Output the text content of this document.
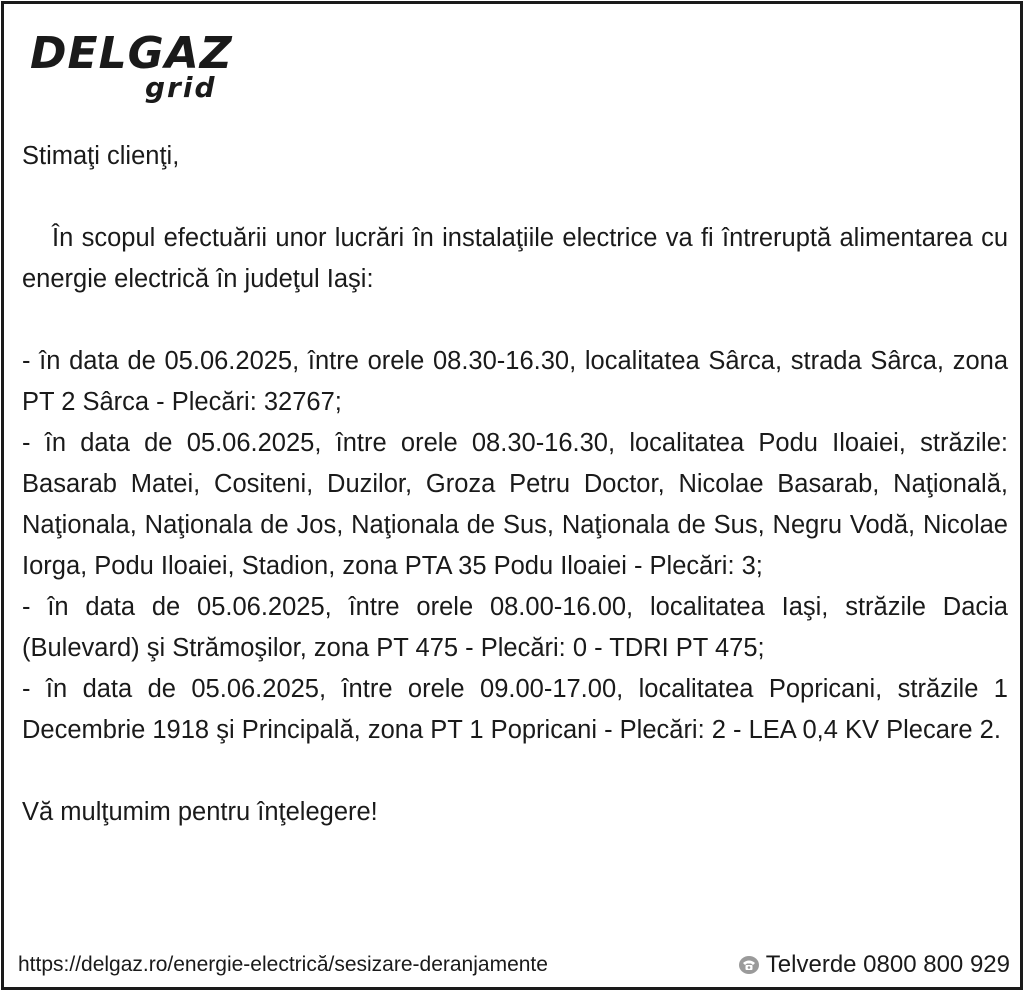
DELGAZ
grid

Stimaţi clienţi,

În scopul efectuării unor lucrări în instalaţiile electrice va fi întreruptă alimentarea cu energie electrică în judeţul Iaşi:

- în data de 05.06.2025, între orele 08.30-16.30, localitatea Sârca, strada Sârca, zona PT 2 Sârca - Plecări: 32767;

- în data de 05.06.2025, între orele 08.30-16.30, localitatea Podu Iloaiei, străzile: Basarab Matei, Cositeni, Duzilor, Groza Petru Doctor, Nicolae Basarab, Naţională, Naţionala, Naţionala de Jos, Naţionala de Sus, Naţionala de Sus, Negru Vodă, Nicolae Iorga, Podu Iloaiei, Stadion, zona PTA 35 Podu Iloaiei - Plecări: 3;

- în data de 05.06.2025, între orele 08.00-16.00, localitatea Iaşi, străzile Dacia (Bulevard) şi Strămoşilor, zona PT 475 - Plecări: 0 - TDRI PT 475;

- în data de 05.06.2025, între orele 09.00-17.00, localitatea Popricani, străzile 1 Decembrie 1918 şi Principală, zona PT 1 Popricani - Plecări: 2 - LEA 0,4 KV Plecare 2.

Vă mulţumim pentru înţelegere!

https://delgaz.ro/energie-electrică/sesizare-deranjamente	Telverde 0800 800 929
